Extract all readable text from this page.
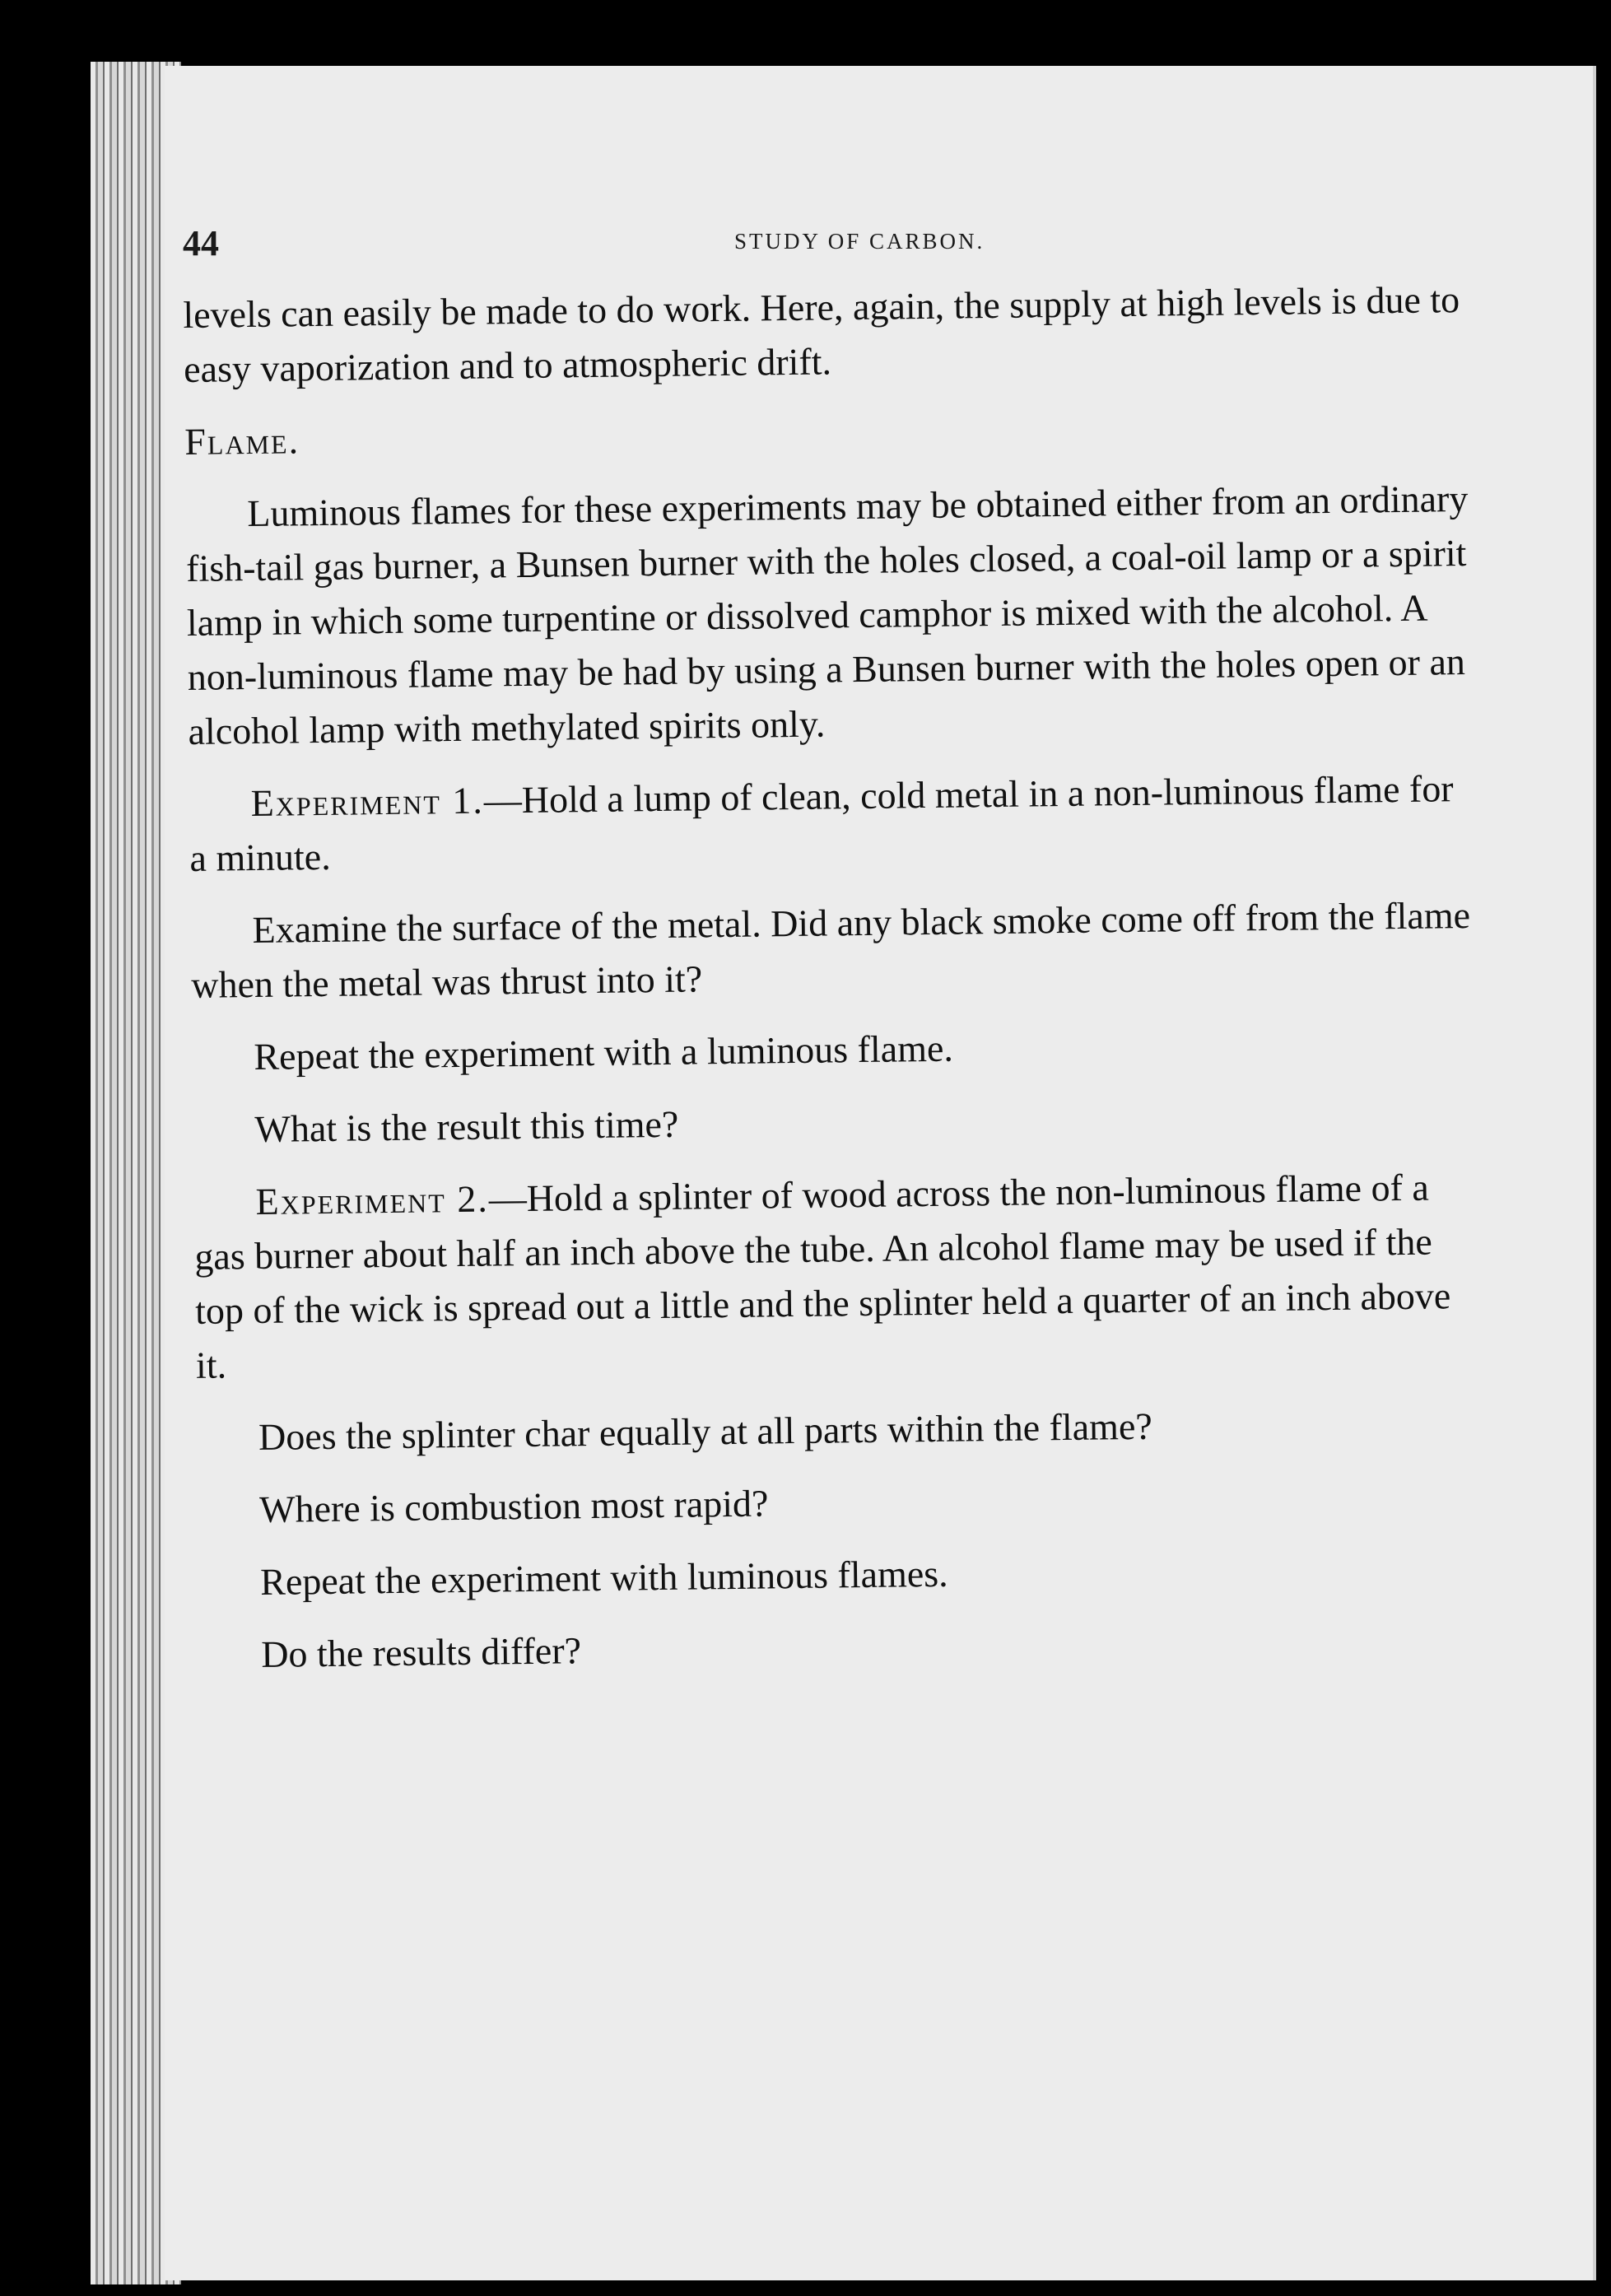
44	STUDY OF CARBON.

levels can easily be made to do work. Here, again, the supply at high levels is due to easy vaporization and to atmospheric drift.

Flame.

Luminous flames for these experiments may be obtained either from an ordinary fish-tail gas burner, a Bunsen burner with the holes closed, a coal-oil lamp or a spirit lamp in which some turpentine or dissolved camphor is mixed with the alcohol. A non-luminous flame may be had by using a Bunsen burner with the holes open or an alcohol lamp with methylated spirits only.

Experiment 1.—Hold a lump of clean, cold metal in a non-luminous flame for a minute.

Examine the surface of the metal. Did any black smoke come off from the flame when the metal was thrust into it?

Repeat the experiment with a luminous flame.

What is the result this time?

Experiment 2.—Hold a splinter of wood across the non-luminous flame of a gas burner about half an inch above the tube. An alcohol flame may be used if the top of the wick is spread out a little and the splinter held a quarter of an inch above it.

Does the splinter char equally at all parts within the flame?

Where is combustion most rapid?

Repeat the experiment with luminous flames.

Do the results differ?
